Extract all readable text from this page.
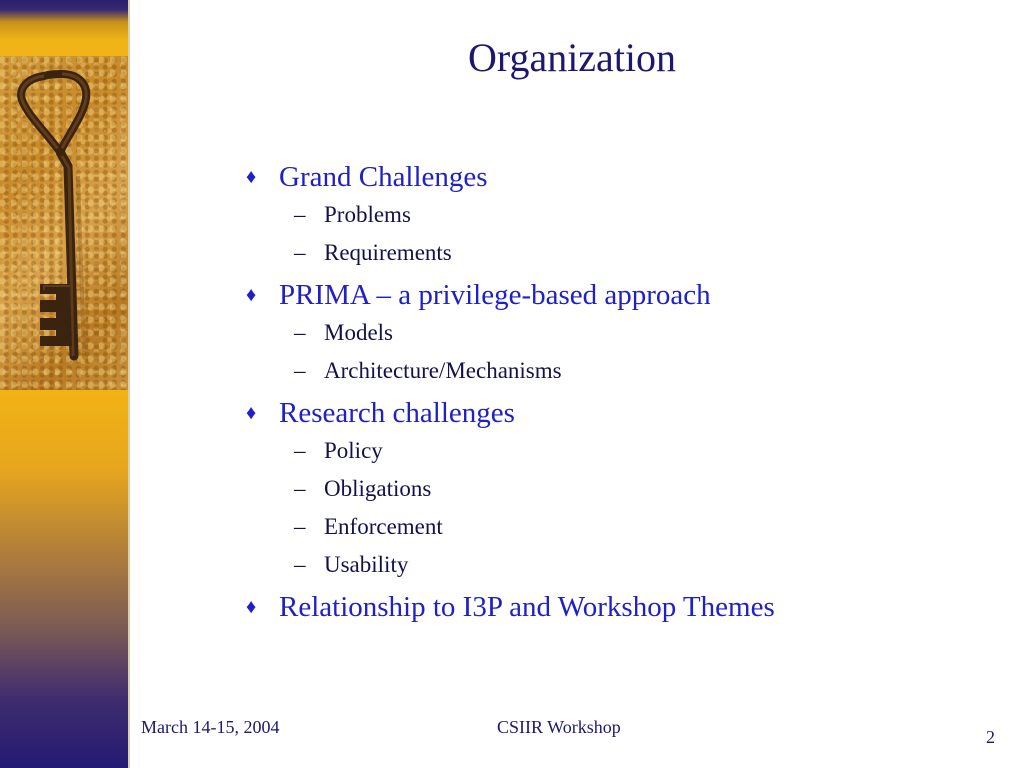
Organization
♦ Grand Challenges
– Problems
– Requirements
♦ PRIMA – a privilege-based approach
– Models
– Architecture/Mechanisms
♦ Research challenges
– Policy
– Obligations
– Enforcement
– Usability
♦ Relationship to I3P and Workshop Themes
March 14-15, 2004	CSIIR Workshop	2
